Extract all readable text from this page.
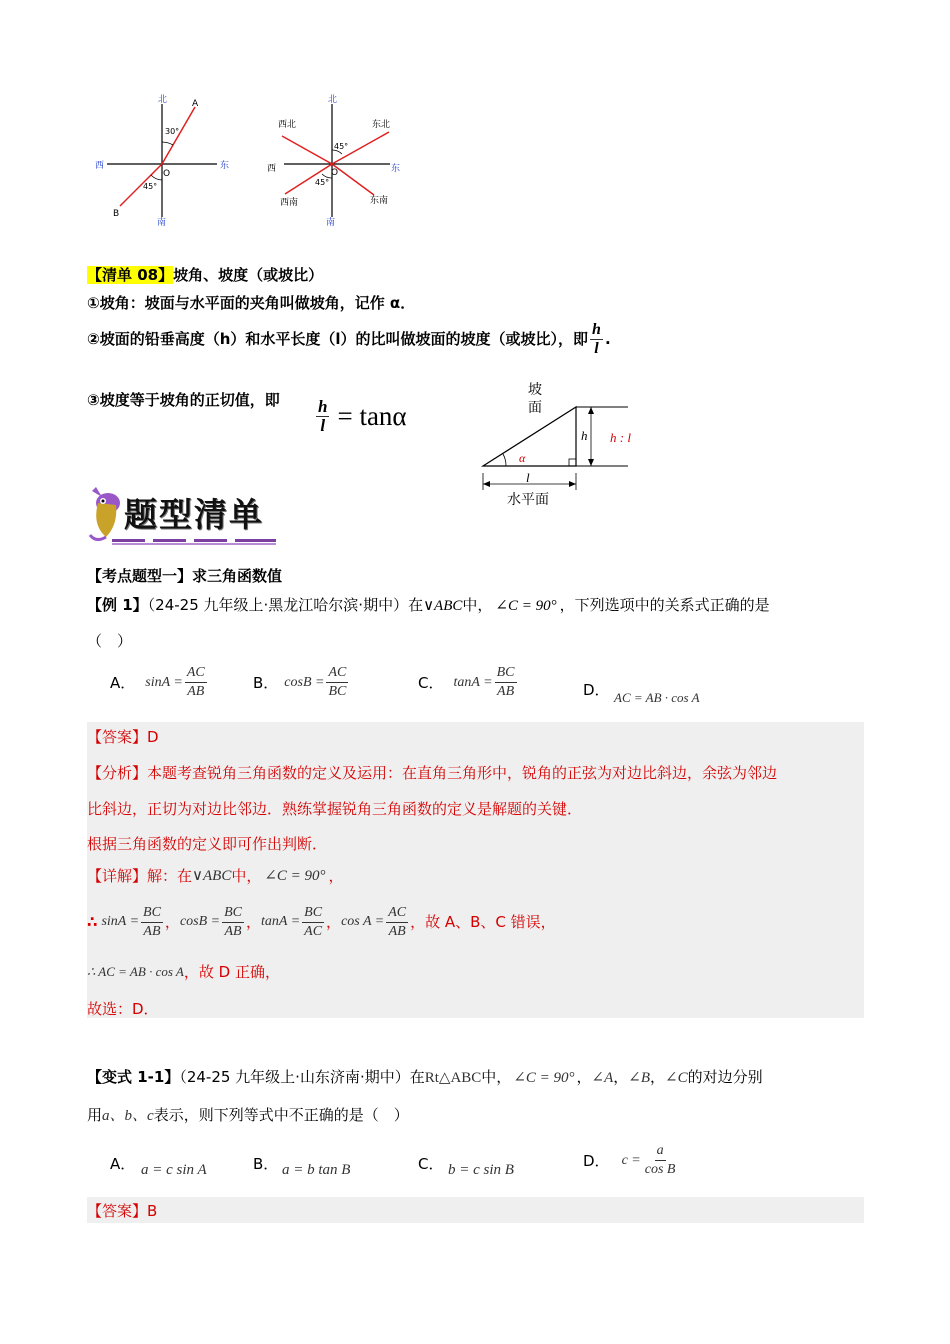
北
南
东
西
O
A
B
30°
45°
北
南
东
西	O
西北	东北
西南	东南
45°
45°
【清单 08】坡角、坡度（或坡比）
①坡角：坡面与水平面的夹角叫做坡角，记作 α．
②坡面的铅垂高度（h）和水平长度（l）的比叫做坡面的坡度（或坡比），即 $\frac{h}{l}$ .
③坡度等于坡角的正切值，即 $\frac{h}{l} = \tan\alpha$
坡
面
h
α
h : l
l
水平面
题型清单
【考点题型一】求三角函数值
【例 1】（24-25 九年级上·黑龙江哈尔滨·期中）在∨ABC中， ∠C = 90° ，下列选项中的关系式正确的是
（　）
A． $\sin A = \frac{AC}{AB}$	B． $\cos B = \frac{AC}{BC}$	C． $\tan A = \frac{BC}{AB}$	D． AC = AB · cos A
【答案】D
【分析】本题考查锐角三角函数的定义及运用：在直角三角形中，锐角的正弦为对边比斜边，余弦为邻边
比斜边，正切为对边比邻边．熟练掌握锐角三角函数的定义是解题的关键．
根据三角函数的定义即可作出判断．
【详解】解：在 ∨ABC 中， ∠C = 90° ，
∴ $\sin A = \frac{BC}{AB}$ ， $\cos B = \frac{BC}{AB}$ ， $\tan A = \frac{BC}{AC}$ ， $\cos A = \frac{AC}{AB}$ ，故 A、B、C 错误，
∴ AC = AB · cos A ，故 D 正确，
故选：D．
【变式 1-1】（24-25 九年级上·山东济南·期中）在Rt△ABC中， ∠C = 90° ，∠A，∠B，∠C的对边分别
用a、b、c表示，则下列等式中不正确的是（　）
A． a = c sin A	B． a = b tan B	C． b = c sin B	D． $c = \frac{a}{\text{cos B}}$
【答案】B
